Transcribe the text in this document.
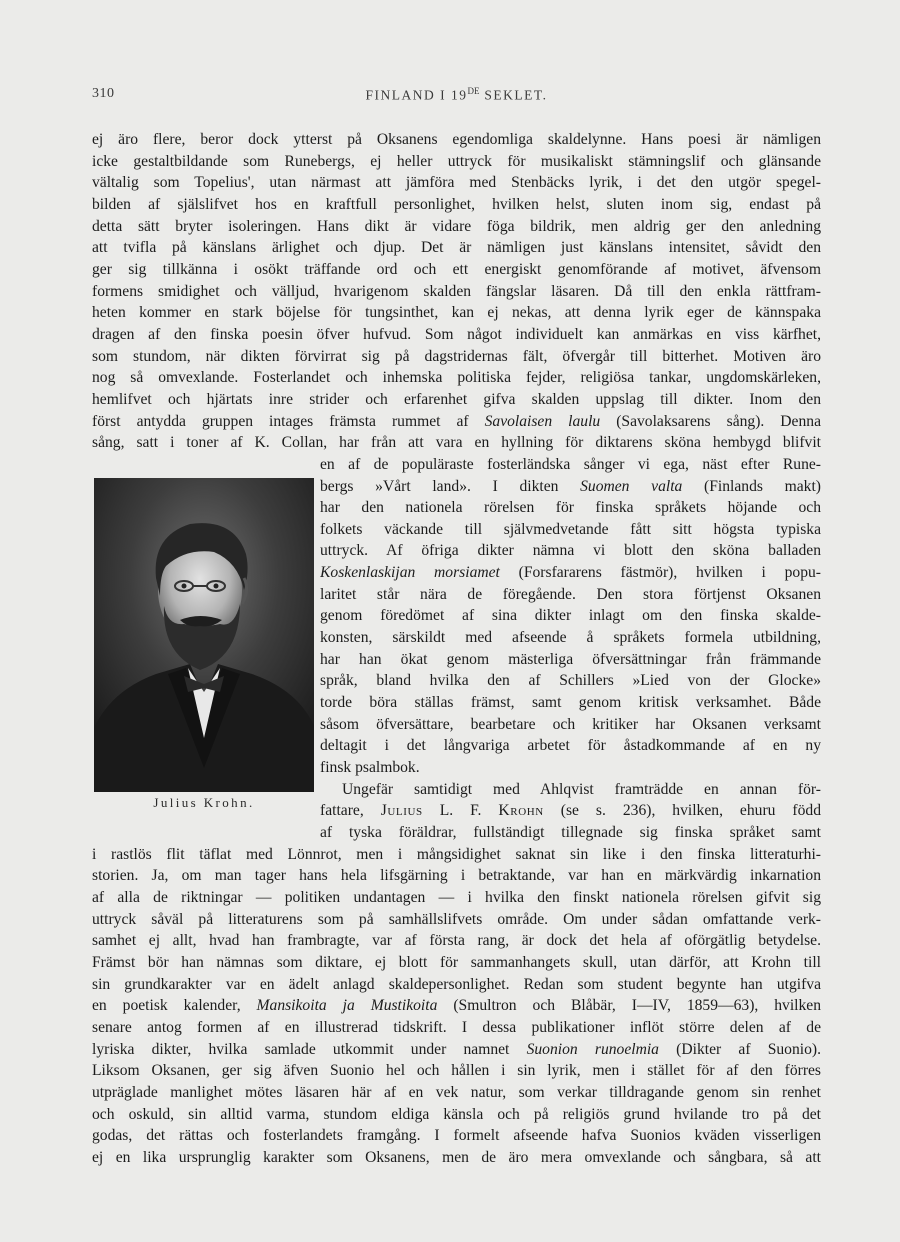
310	FINLAND I 19DE SEKLET.
ej äro flere, beror dock ytterst på Oksanens egendomliga skaldelynne. Hans poesi är nämligen
icke gestaltbildande som Runebergs, ej heller uttryck för musikaliskt stämningslif och glänsande
vältalig som Topelius', utan närmast att jämföra med Stenbäcks lyrik, i det den utgör spegel-
bilden af själslifvet hos en kraftfull personlighet, hvilken helst, sluten inom sig, endast på
detta sätt bryter isoleringen. Hans dikt är vidare föga bildrik, men aldrig ger den anledning
att tvifla på känslans ärlighet och djup. Det är nämligen just känslans intensitet, såvidt den
ger sig tillkänna i osökt träffande ord och ett energiskt genomförande af motivet, äfvensom
formens smidighet och välljud, hvarigenom skalden fängslar läsaren. Då till den enkla rättfram-
heten kommer en stark böjelse för tungsinthet, kan ej nekas, att denna lyrik eger de kännspaka
dragen af den finska poesin öfver hufvud. Som något individuelt kan anmärkas en viss kärfhet,
som stundom, när dikten förvirrat sig på dagstridernas fält, öfvergår till bitterhet. Motiven äro
nog så omvexlande. Fosterlandet och inhemska politiska fejder, religiösa tankar, ungdomskärleken,
hemlifvet och hjärtats inre strider och erfarenhet gifva skalden uppslag till dikter. Inom den
först antydda gruppen intages främsta rummet af Savolaisen laulu (Savolaksarens sång). Denna
sång, satt i toner af K. Collan, har från att vara en hyllning för diktarens sköna hembygd blifvit
en af de populäraste fosterländska sånger vi ega, näst efter Rune-
bergs »Vårt land». I dikten Suomen valta (Finlands makt)
har den nationela rörelsen för finska språkets höjande och
folkets väckande till självmedvetande fått sitt högsta typiska
uttryck. Af öfriga dikter nämna vi blott den sköna balladen
Koskenlaskijan morsiamet (Forsfararens fästmör), hvilken i popu-
laritet står nära de föregående. Den stora förtjenst Oksanen
genom föredömet af sina dikter inlagt om den finska skalde-
konsten, särskildt med afseende å språkets formela utbildning,
har han ökat genom mästerliga öfversättningar från främmande
språk, bland hvilka den af Schillers »Lied von der Glocke»
torde böra ställas främst, samt genom kritisk verksamhet. Både
såsom öfversättare, bearbetare och kritiker har Oksanen verksamt
deltagit i det långvariga arbetet för åstadkommande af en ny
finsk psalmbok.
Ungefär samtidigt med Ahlqvist framträdde en annan för-
fattare, Julius L. F. Krohn (se s. 236), hvilken, ehuru född
af tyska föräldrar, fullständigt tillegnade sig finska språket samt
i rastlös flit täflat med Lönnrot, men i mångsidighet saknat sin like i den finska litteraturhi-
storien. Ja, om man tager hans hela lifsgärning i betraktande, var han en märkvärdig inkarnation
af alla de riktningar — politiken undantagen — i hvilka den finskt nationela rörelsen gifvit sig
uttryck såväl på litteraturens som på samhällslifvets område. Om under sådan omfattande verk-
samhet ej allt, hvad han frambragte, var af första rang, är dock det hela af oförgätlig betydelse.
Främst bör han nämnas som diktare, ej blott för sammanhangets skull, utan därför, att Krohn till
sin grundkarakter var en ädelt anlagd skaldepersonlighet. Redan som student begynte han utgifva
en poetisk kalender, Mansikoita ja Mustikoita (Smultron och Blåbär, I—IV, 1859—63), hvilken
senare antog formen af en illustrerad tidskrift. I dessa publikationer inflöt större delen af de
lyriska dikter, hvilka samlade utkommit under namnet Suonion runoelmia (Dikter af Suonio).
Liksom Oksanen, ger sig äfven Suonio hel och hållen i sin lyrik, men i stället för af den förres
utpräglade manlighet mötes läsaren här af en vek natur, som verkar tilldragande genom sin renhet
och oskuld, sin alltid varma, stundom eldiga känsla och på religiös grund hvilande tro på det
godas, det rättas och fosterlandets framgång. I formelt afseende hafva Suonios kväden visserligen
ej en lika ursprunglig karakter som Oksanens, men de äro mera omvexlande och sångbara, så att
Julius Krohn.
